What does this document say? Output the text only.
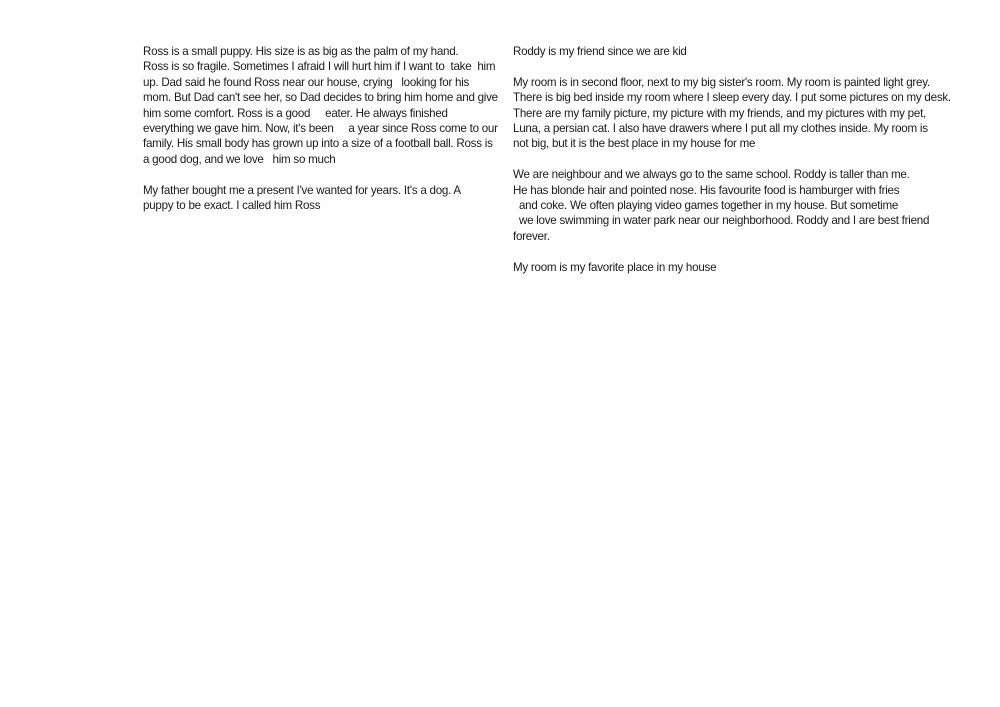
Ross is a small puppy. His size is as big as the palm of my hand.
Ross is so fragile. Sometimes I afraid I will hurt him if I want to  take  him
up. Dad said he found Ross near our house, crying   looking for his
mom. But Dad can't see her, so Dad decides to bring him home and give
him some comfort. Ross is a good     eater. He always finished
everything we gave him. Now, it's been     a year since Ross come to our
family. His small body has grown up into a size of a football ball. Ross is
a good dog, and we love   him so much

My father bought me a present I've wanted for years. It's a dog. A
puppy to be exact. I called him Ross

Roddy is my friend since we are kid

My room is in second floor, next to my big sister's room. My room is painted light grey.
There is big bed inside my room where I sleep every day. I put some pictures on my desk.
There are my family picture, my picture with my friends, and my pictures with my pet,
Luna, a persian cat. I also have drawers where I put all my clothes inside. My room is
not big, but it is the best place in my house for me

We are neighbour and we always go to the same school. Roddy is taller than me.
He has blonde hair and pointed nose. His favourite food is hamburger with fries
and coke. We often playing video games together in my house. But sometime
we love swimming in water park near our neighborhood. Roddy and I are best friend
forever.

My room is my favorite place in my house
